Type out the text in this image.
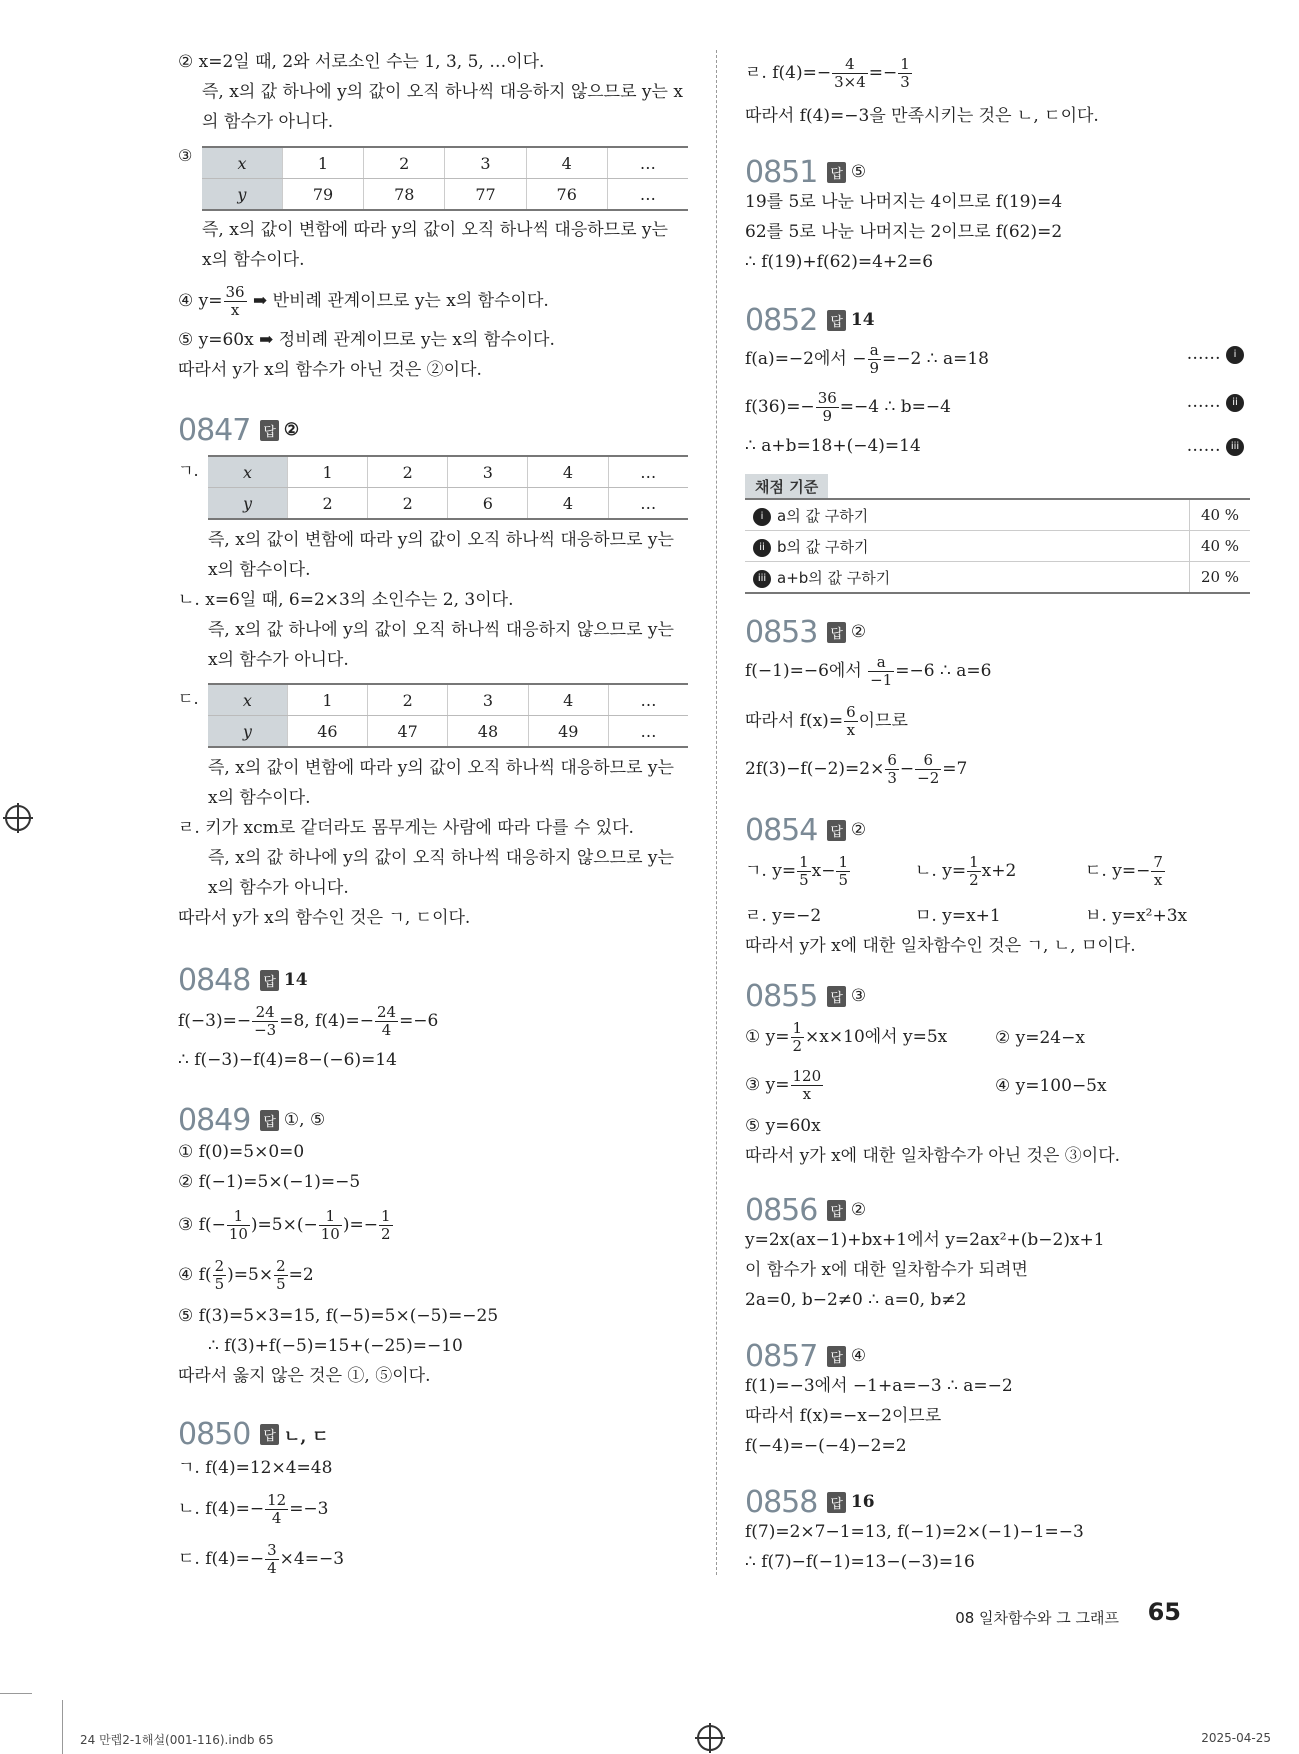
② x=2일 때, 2와 서로소인 수는 1, 3, 5, …이다.
즉, x의 값 하나에 y의 값이 오직 하나씩 대응하지 않으므로 y는 x
의 함수가 아니다.
③	x	1	2	3	4	…
y	79	78	77	76	…
즉, x의 값이 변함에 따라 y의 값이 오직 하나씩 대응하므로 y는
x의 함수이다.
④ $y= \frac{36}{x}$ ➡ 반비례 관계이므로 y는 x의 함수이다.
⑤ y=60x ➡ 정비례 관계이므로 y는 x의 함수이다.
따라서 y가 x의 함수가 아닌 것은 ②이다.
0847 답 ②
ㄱ.	x	1	2	3	4	…
y	2	2	6	4	…
즉, x의 값이 변함에 따라 y의 값이 오직 하나씩 대응하므로 y는
x의 함수이다.
ㄴ. x=6일 때, 6=2×3의 소인수는 2, 3이다.
즉, x의 값 하나에 y의 값이 오직 하나씩 대응하지 않으므로 y는
x의 함수가 아니다.
ㄷ.	x	1	2	3	4	…
y	46	47	48	49	…
즉, x의 값이 변함에 따라 y의 값이 오직 하나씩 대응하므로 y는
x의 함수이다.
ㄹ. 키가 xcm로 같더라도 몸무게는 사람에 따라 다를 수 있다.
즉, x의 값 하나에 y의 값이 오직 하나씩 대응하지 않으므로 y는
x의 함수가 아니다.
따라서 y가 x의 함수인 것은 ㄱ, ㄷ이다.
0848 답 14
$f(-3)=- \frac{24}{-3} =8$, $f(4)=- \frac{24}{4} =-6$
∴ f(−3)−f(4)=8−(−6)=14
0849 답 ①, ⑤
① f(0)=5×0=0
② f(−1)=5×(−1)=−5
③ $f(- \frac{1}{10} )=5\times(- \frac{1}{10}$ )=− $\frac{1}{2}$
④ $f( \frac{2}{5} )=5\times \frac{2}{5} =2$
⑤ f(3)=5×3=15, f(−5)=5×(−5)=−25
∴ f(3)+f(−5)=15+(−25)=−10
따라서 옳지 않은 것은 ①, ⑤이다.
0850 답 ㄴ, ㄷ
ㄱ. f(4)=12×4=48
ㄴ. $f(4)=- \frac{12}{4} =-3$
ㄷ. $f(4)=- \frac{3}{4} \times 4=-3$
ㄹ. $f(4)=- \frac{4}{3\times 4} =- \frac{1}{3}$
따라서 f(4)=−3을 만족시키는 것은 ㄴ, ㄷ이다.
0851 답 ⑤
19를 5로 나눈 나머지는 4이므로 f(19)=4
62를 5로 나눈 나머지는 2이므로 f(62)=2
∴ f(19)+f(62)=4+2=6
0852 답 14
f(a)=−2에서 − $\frac{a}{9} =-2$ ∴ a=18	…… i
$f(36)=- \frac{36}{9} =-4$ ∴ b=−4	…… ii
∴ a+b=18+(−4)=14	…… iii
채점 기준
i a의 값 구하기	40 %
ii b의 값 구하기	40 %
iii a+b의 값 구하기	20 %
0853 답 ②
f(−1)=−6에서 $\frac{a}{-1} =-6$ ∴ a=6
따라서 $f(x)= \frac{6}{x}$ 이므로
$2f(3)-f(-2)=2\times \frac{6}{3} - \frac{6}{-2} =7$
0854 답 ②
ㄱ. $y= \frac{1}{5} x- \frac{1}{5}$	ㄴ. $y= \frac{1}{2} x+2$	ㄷ. $y=- \frac{7}{x}$
ㄹ. y=−2	ㅁ. y=x+1	ㅂ. y=x²+3x
따라서 y가 x에 대한 일차함수인 것은 ㄱ, ㄴ, ㅁ이다.
0855 답 ③
① $y= \frac{1}{2} \times x\times 10$에서 y=5x	② y=24−x
③ $y= \frac{120}{x}$	④ y=100−5x
⑤ y=60x
따라서 y가 x에 대한 일차함수가 아닌 것은 ③이다.
0856 답 ②
y=2x(ax−1)+bx+1에서 y=2ax²+(b−2)x+1
이 함수가 x에 대한 일차함수가 되려면
2a=0, b−2≠0 ∴ a=0, b≠2
0857 답 ④
f(1)=−3에서 −1+a=−3 ∴ a=−2
따라서 f(x)=−x−2이므로
f(−4)=−(−4)−2=2
0858 답 16
f(7)=2×7−1=13, f(−1)=2×(−1)−1=−3
∴ f(7)−f(−1)=13−(−3)=16
08 일차함수와 그 그래프 65
24 만렙2-1해설(001-116).indb 65	2025-04-25
